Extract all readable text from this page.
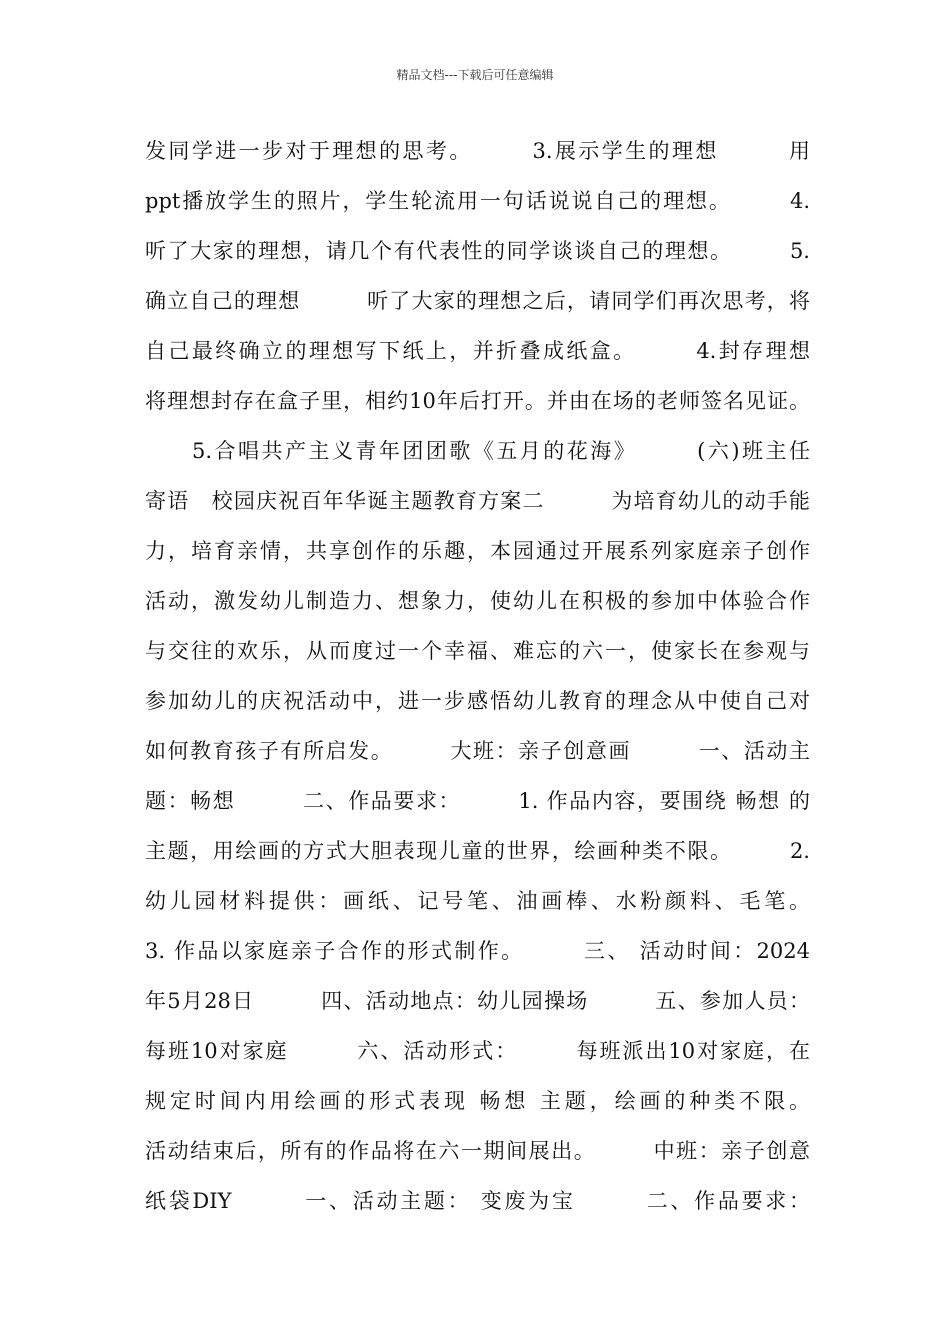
精品文档---下载后可任意编辑
发同学进一步对于理想的思考。　　　3.展示学生的理想　　　用
ppt播放学生的照片，学生轮流用一句话说说自己的理想。　　　4.
听了大家的理想，请几个有代表性的同学谈谈自己的理想。　　　5.
确立自己的理想　　　听了大家的理想之后，请同学们再次思考，将
自己最终确立的理想写下纸上，并折叠成纸盒。　　　4.封存理想
将理想封存在盒子里，相约10年后打开。并由在场的老师签名见证。
　　5.合唱共产主义青年团团歌《五月的花海》　　　(六)班主任
寄语　校园庆祝百年华诞主题教育方案二　　　为培育幼儿的动手能
力，培育亲情，共享创作的乐趣，本园通过开展系列家庭亲子创作
活动，激发幼儿制造力、想象力，使幼儿在积极的参加中体验合作
与交往的欢乐，从而度过一个幸福、难忘的六一，使家长在参观与
参加幼儿的庆祝活动中，进一步感悟幼儿教育的理念从中使自己对
如何教育孩子有所启发。　　　大班：亲子创意画　　　一、活动主
题：畅想　　　二、作品要求：　　　1. 作品内容，要围绕 畅想 的
主题，用绘画的方式大胆表现儿童的世界，绘画种类不限。　　　2.
幼儿园材料提供：画纸、记号笔、油画棒、水粉颜料、毛笔。
3. 作品以家庭亲子合作的形式制作。　　　三、 活动时间：2024
年5月28日　　　四、活动地点：幼儿园操场　　　五、参加人员：
每班10对家庭　　　六、活动形式：　　　每班派出10对家庭，在
规定时间内用绘画的形式表现 畅想 主题，绘画的种类不限。
活动结束后，所有的作品将在六一期间展出。　　　中班：亲子创意
纸袋DIY　　　一、活动主题： 变废为宝　　　二、作品要求：
